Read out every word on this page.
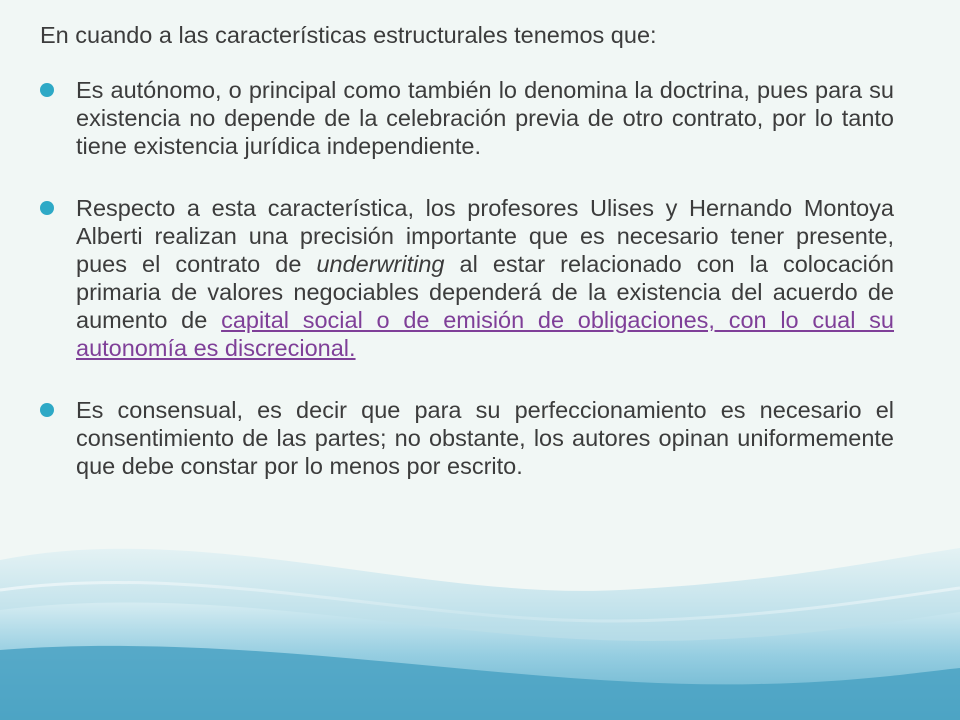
En cuando a las características estructurales tenemos que:
Es autónomo, o principal como también lo denomina la doctrina, pues para su existencia no depende de la celebración previa de otro contrato, por lo tanto tiene existencia jurídica independiente.
Respecto a esta característica, los profesores Ulises y Hernando Montoya Alberti realizan una precisión importante que es necesario tener presente, pues el contrato de underwriting al estar relacionado con la colocación primaria de valores negociables dependerá de la existencia del acuerdo de aumento de capital social o de emisión de obligaciones, con lo cual su autonomía es discrecional.
Es consensual, es decir que para su perfeccionamiento es necesario el consentimiento de las partes; no obstante, los autores opinan uniformemente que debe constar por lo menos por escrito.
